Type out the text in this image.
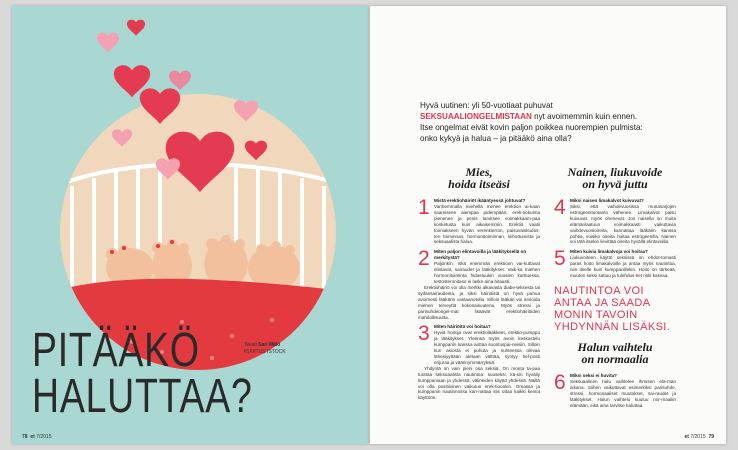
PITÄÄKÖ
HALUTTAA?
Teksti Sari Mäki
KUVITUS ISTOCK
78 et 7/2015

Hyvä uutinen: yli 50-vuotiaat puhuvat SEKSUAALIONGELMISTAAN nyt avoimemmin kuin ennen. Itse ongelmat eivät kovin paljon poikkea nuorempien pulmista: onko kykyä ja halua – ja pitääkö aina olla?

Mies,
hoida itseäsi
1 Mistä erektiohäiriöt ikääntyessä johtuvat?
Vanhemmalla miehellä menee erektion ai-kaan saamiseen aiempaa pidempään, erek-tiokulma pienenee ja penis tarvitsee voimakkaam-paa kosketusta kuin aikaisemmin. Erektio vaatii toimiakseen hyvän verenkierron, paisuvaiskudos-ten toiminnan, hormonitoiminnan, kiihottumista ja seksuaalista halua.
2 Miten paljon elintavoilla ja lääkityksellä on merkitystä?
Paljonkin. Iskä enemmän erektioon vai-kuttavat elintavat, sairaudet ja lääkitykset. Vaik-ka miehen hormonitoiminta hidastuukin vuosien karttuessa, testosteronitaso ei laske aina hitaasti.
Erektiohäiriö voi olla merkki alkavasta diabe-teksesta tai sydänsairaudesta, ja siksi häiriöistä on hyvä puhua avoimesti lääkärin vastaanotolla. Silloin lääkäri voi arvioida miehen terveyttä kokonaisuutena. Myös stressi ja parisuhdeongel-mat lisäävät erektiohäiriöiden mahdollisuutta.
3 Miten häiriöitä voi hoitaa?
Hyviä hoitoja ovat erektiolääkkeet, erektio-pumppu ja lääkitykset. Yleensä myös avoin keskustelu kumppanin kanssa auttaa suorituspai-neisiin. Silloin kun asiosta ei puhuta ja suhteessa olevaa lähesiyyttään aletaan välttää, syntyy hel-posti erijuraa ja väärinymmärryksiä.
Yhdyntä on vain pieni osa seksiä. On monta ta-paa tuottaa seksuaalista nautintoa: suuseksi, kä-sin hyväily kumppaniaan ja yhdessä, välineiden käyttö yhdessä. Näillä voi olla positiivinen vaikutus erek-tioonkin. Omassa ja kumppanin nautinnossa kan-nattaa siis ottaa kaikki keinot käyttöön.
Nainen, liukuvoide
on hyvä juttu
4 Miksi naisen limakalvot kuivuvat?
Siksi, että vaihdevuosissa munasarjojen estrogeenituotanto vähenee. Limakalvot paisu kuivuvat, myös ohenevat. Jos naisella on muita elämänlaatuun voimakkaasti vaikuttavia vaihdevuosioireita, kannattaa lääkärin kanssa pohtia, voisiko oireita hoitaa estrogeenilla. Nainen voi tätä itsekin lievittää oireita hyvällä elintavoilla.
5 Miten kuivia limakalvoja voi hoitaa?
Liukuvoiteen käyttö seksissä on ehdot-tomasti paras hoito limakalvoille ja antaa myös nautintoa, niin itselle kuin kumppanillekin. Hoito on tärkeää, muuten seksi sattuu ja tulehdus-tiet riski kasvaa.
NAUTINTOA VOI ANTAA JA SAADA MONIN TAVOIN YHDYNNÄN LISÄKSI.
Halun vaihtelu
on normaalia
6 Miksi seksi ei huvita?
Seksuaalinen halu vaihtelee ihmisen elä-män aikana. Siihen vaikuttavat esimerkiksi parisuhde, stressi, hormonaaliset muutokset, sai-raudet ja lääkitykset. Halun vaihtelu kuuluu nor-maaliin elämään, eikä aina tarvitse haluttaa.
et 7/2015 79
